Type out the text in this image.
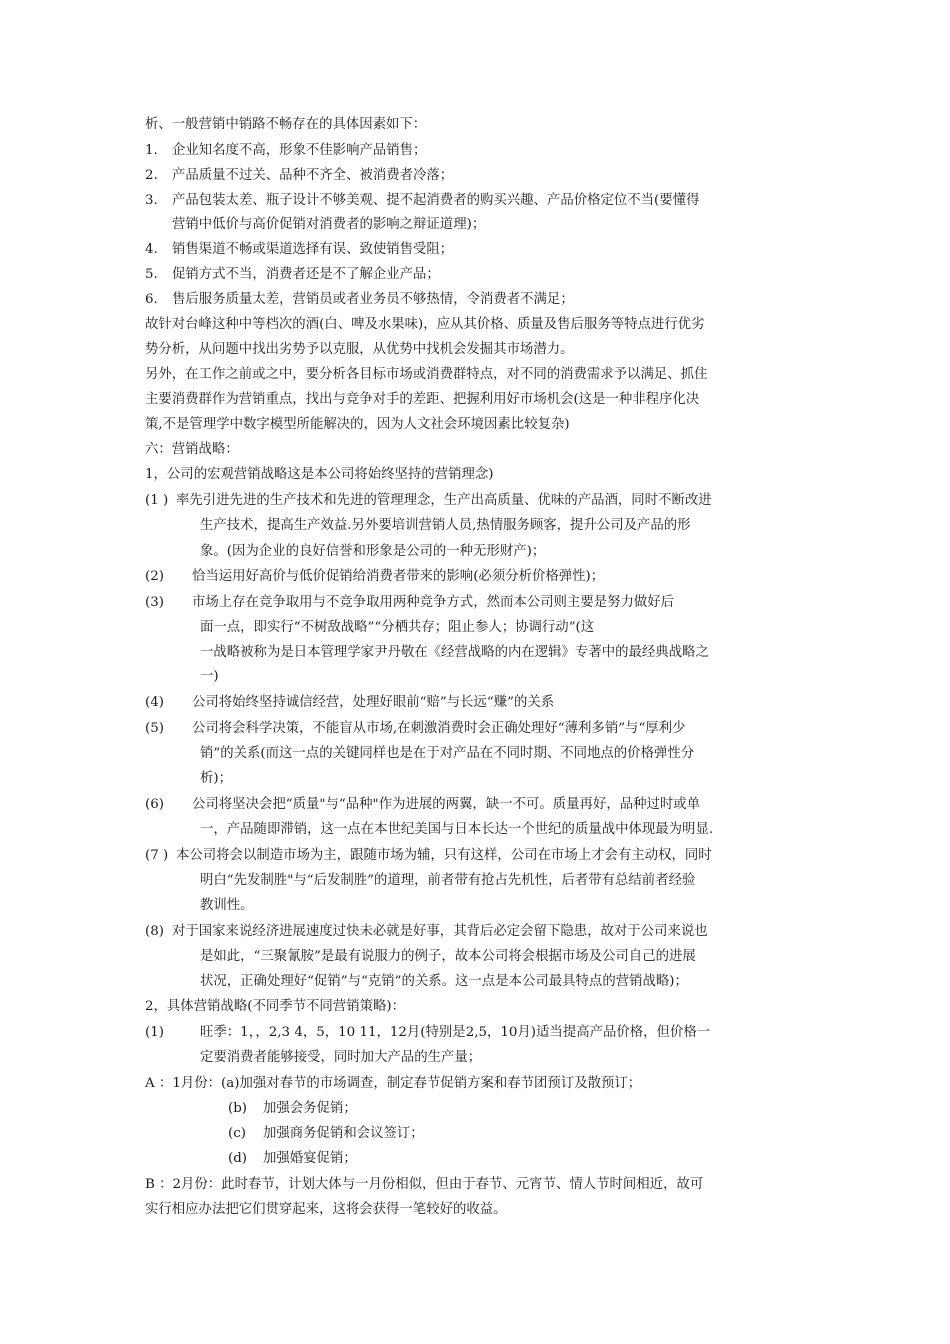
析、一般营销中销路不畅存在的具体因素如下：
1. 企业知名度不高，形象不佳影响产品销售；
2. 产品质量不过关、品种不齐全、被消费者冷落；
3. 产品包装太差、瓶子设计不够美观、提不起消费者的购买兴趣、产品价格定位不当(要懂得
营销中低价与高价促销对消费者的影响之辩证道理)；
4. 销售渠道不畅或渠道选择有误、致使销售受阻；
5. 促销方式不当，消费者还是不了解企业产品；
6. 售后服务质量太差，营销员或者业务员不够热情，令消费者不满足；
故针对台峰这种中等档次的酒(白、啤及水果味)，应从其价格、质量及售后服务等特点进行优劣
势分析，从问题中找出劣势予以克服，从优势中找机会发掘其市场潜力。
另外，在工作之前或之中，要分析各目标市场或消费群特点，对不同的消费需求予以满足、抓住
主要消费群作为营销重点，找出与竞争对手的差距、把握利用好市场机会(这是一种非程序化决
策,不是管理学中数字模型所能解决的，因为人文社会环境因素比较复杂)
六：营销战略：
1，公司的宏观营销战略这是本公司将始终坚持的营销理念)
(1 ) 率先引进先进的生产技术和先进的管理理念，生产出高质量、优味的产品酒，同时不断改进
生产技术，提高生产效益.另外要培训营销人员,热情服务顾客，提升公司及产品的形
象。(因为企业的良好信誉和形象是公司的一种无形财产)；
(2) 恰当运用好高价与低价促销给消费者带来的影响(必须分析价格弹性)；
(3) 市场上存在竞争取用与不竞争取用两种竞争方式，然而本公司则主要是努力做好后
面一点，即实行“不树敌战略”“分栖共存；阻止参人；协调行动”(这
一战略被称为是日本管理学家尹丹敬在《经营战略的内在逻辑》专著中的最经典战略之
一)
(4) 公司将始终坚持诚信经营，处理好眼前“赔”与长远“赚”的关系
(5) 公司将会科学决策，不能盲从市场,在刺激消费时会正确处理好“薄利多销”与“厚利少
销”的关系(而这一点的关键同样也是在于对产品在不同时期、不同地点的价格弹性分
析)；
(6) 公司将坚决会把“质量"与“品种"作为进展的两翼，缺一不可。质量再好，品种过时或单
一，产品随即滞销，这一点在本世纪美国与日本长达一个世纪的质量战中体现最为明显.
(7 ) 本公司将会以制造市场为主，跟随市场为辅，只有这样，公司在市场上才会有主动权，同时
明白“先发制胜"与“后发制胜”的道理，前者带有抢占先机性，后者带有总结前者经验
教训性。
(8) 对于国家来说经济进展速度过快未必就是好事，其背后必定会留下隐患，故对于公司来说也
是如此，“三聚氰胺”是最有说服力的例子，故本公司将会根据市场及公司自己的进展
状况，正确处理好“促销”与“克销”的关系。这一点是本公司最具特点的营销战略)；
2，具体营销战略(不同季节不同营销策略)：
(1)	旺季：1，，2,3 4，5，10 11，12月(特别是2,5，10月)适当提高产品价格，但价格一
定要消费者能够接受，同时加大产品的生产量；
A ：1月份：(a)加强对春节的市场调查，制定春节促销方案和春节团预订及散预订；
(b) 加强会务促销；
(c) 加强商务促销和会议签订；
(d) 加强婚宴促销；
B ：2月份：此时春节，计划大体与一月份相似，但由于春节、元宵节、情人节时间相近，故可
实行相应办法把它们贯穿起来，这将会获得一笔较好的收益。
